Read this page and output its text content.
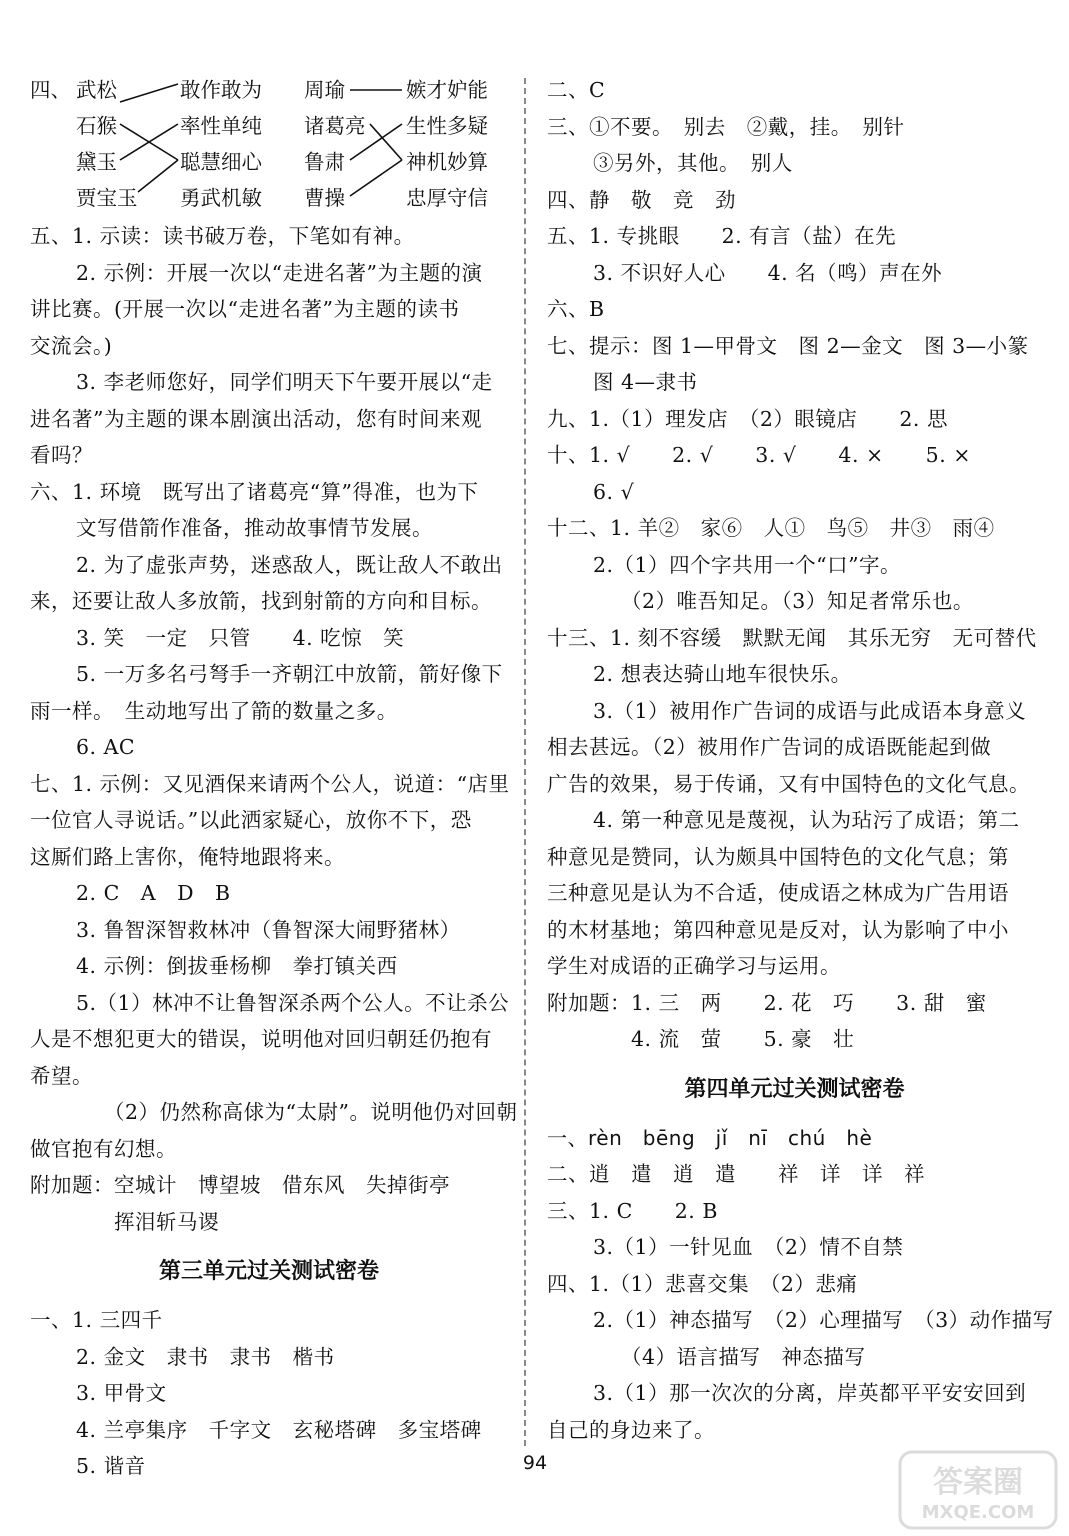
四、 武松
石猴
黛玉
贾宝玉
敢作敢为
率性单纯
聪慧细心
勇武机敏
周瑜
诸葛亮
鲁肃
曹操
嫉才妒能
生性多疑
神机妙算
忠厚守信
五、1. 示读：读书破万卷，下笔如有神。
2. 示例：开展一次以“走进名著”为主题的演
讲比赛。(开展一次以“走进名著”为主题的读书
交流会。)
3. 李老师您好，同学们明天下午要开展以“走
进名著”为主题的课本剧演出活动，您有时间来观
看吗？
六、1. 环境　既写出了诸葛亮“算”得准，也为下
文写借箭作准备，推动故事情节发展。
2. 为了虚张声势，迷惑敌人，既让敌人不敢出
来，还要让敌人多放箭，找到射箭的方向和目标。
3. 笑　一定　只管　　4. 吃惊　笑
5. 一万多名弓弩手一齐朝江中放箭，箭好像下
雨一样。　生动地写出了箭的数量之多。
6. AC
七、1. 示例：又见酒保来请两个公人，说道：“店里
一位官人寻说话。”以此洒家疑心，放你不下，恐
这厮们路上害你，俺特地跟将来。
2. C　A　D　B
3. 鲁智深智救林冲（鲁智深大闹野猪林）
4. 示例：倒拔垂杨柳　拳打镇关西
5.（1）林冲不让鲁智深杀两个公人。不让杀公
人是不想犯更大的错误，说明他对回归朝廷仍抱有
希望。
（2）仍然称高俅为“太尉”。说明他仍对回朝
做官抱有幻想。
附加题：空城计　博望坡　借东风　失掉街亭
挥泪斩马谡
第三单元过关测试密卷
一、1. 三四千
2. 金文　隶书　隶书　楷书
3. 甲骨文
4. 兰亭集序　千字文　玄秘塔碑　多宝塔碑
5. 谐音
二、C
三、①不要。　别去　②戴，挂。　别针
③另外，其他。　别人
四、静　敬　竞　劲
五、1. 专挑眼　　2. 有言（盐）在先
3. 不识好人心　　4. 名（鸣）声在外
六、B
七、提示：图 1—甲骨文　图 2—金文　图 3—小篆
图 4—隶书
九、1.（1）理发店　（2）眼镜店　　2. 思
十、1. √　　2. √　　3. √　　4. ×　　5. ×
6. √
十二、1. 羊②　家⑥　人①　鸟⑤　井③　雨④
2.（1）四个字共用一个“口”字。
（2）唯吾知足。（3）知足者常乐也。
十三、1. 刻不容缓　默默无闻　其乐无穷　无可替代
2. 想表达骑山地车很快乐。
3.（1）被用作广告词的成语与此成语本身意义
相去甚远。（2）被用作广告词的成语既能起到做
广告的效果，易于传诵，又有中国特色的文化气息。
4. 第一种意见是蔑视，认为玷污了成语；第二
种意见是赞同，认为颇具中国特色的文化气息；第
三种意见是认为不合适，使成语之林成为广告用语
的木材基地；第四种意见是反对，认为影响了中小
学生对成语的正确学习与运用。
附加题：1. 三　两　　2. 花　巧　　3. 甜　蜜
4. 流　萤　　5. 豪　壮
第四单元过关测试密卷
一、rèn　bēng　jǐ　nī　chú　hè
二、逍　遣　逍　遣　　祥　详　详　祥
三、1. C　　2. B
3.（1）一针见血　（2）情不自禁
四、1.（1）悲喜交集　（2）悲痛
2.（1）神态描写　（2）心理描写　（3）动作描写
（4）语言描写　神态描写
3.（1）那一次次的分离，岸英都平平安安回到
自己的身边来了。
94
答案圈
MXQE.COM
